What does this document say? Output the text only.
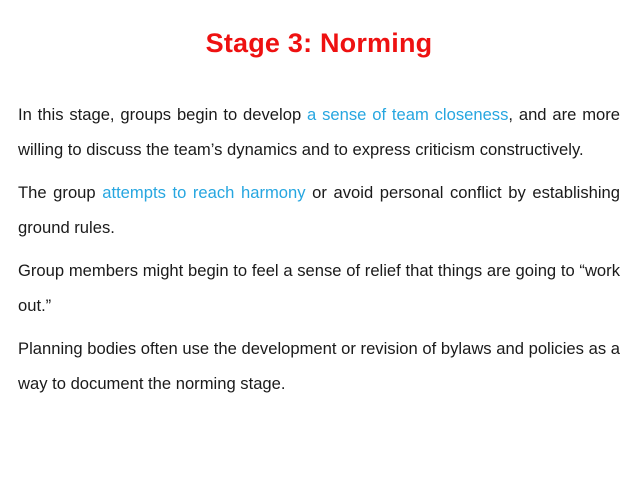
Stage 3: Norming

In this stage, groups begin to develop a sense of team closeness, and are more willing to discuss the team’s dynamics and to express criticism constructively.

The group attempts to reach harmony or avoid personal conflict by establishing ground rules.

Group members might begin to feel a sense of relief that things are going to “work out.”

Planning bodies often use the development or revision of bylaws and policies as a way to document the norming stage.
